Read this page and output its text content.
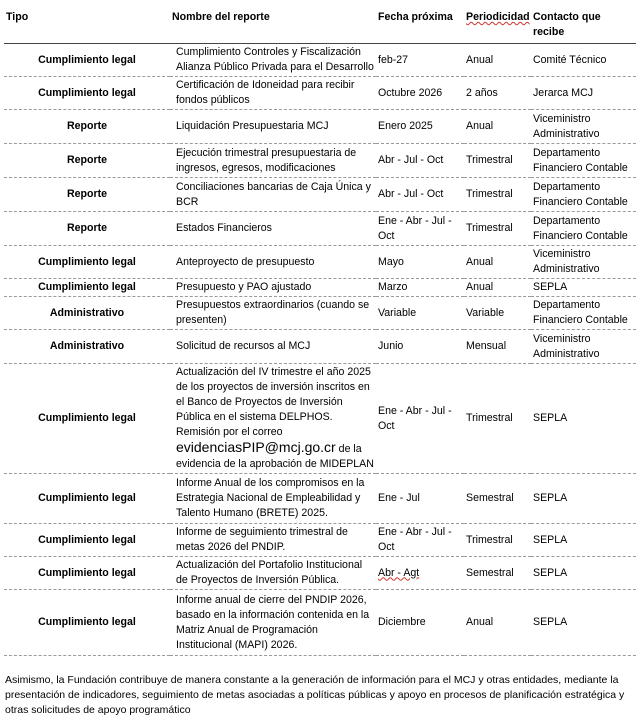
Tipo	Nombre del reporte	Fecha próxima	Periodicidad	Contacto que recibe
Cumplimiento legal	Cumplimiento Controles y Fiscalización Alianza Público Privada para el Desarrollo	feb-27	Anual	Comité Técnico
Cumplimiento legal	Certificación de Idoneidad para recibir fondos públicos	Octubre 2026	2 años	Jerarca MCJ
Reporte	Liquidación Presupuestaria MCJ	Enero 2025	Anual	Viceministro Administrativo
Reporte	Ejecución trimestral presupuestaria de ingresos, egresos, modificaciones	Abr - Jul - Oct	Trimestral	Departamento Financiero Contable
Reporte	Conciliaciones bancarias de Caja Única y BCR	Abr - Jul - Oct	Trimestral	Departamento Financiero Contable
Reporte	Estados Financieros	Ene - Abr - Jul - Oct	Trimestral	Departamento Financiero Contable
Cumplimiento legal	Anteproyecto de presupuesto	Mayo	Anual	Viceministro Administrativo
Cumplimiento legal	Presupuesto y PAO ajustado	Marzo	Anual	SEPLA
Administrativo	Presupuestos extraordinarios (cuando se presenten)	Variable	Variable	Departamento Financiero Contable
Administrativo	Solicitud de recursos al MCJ	Junio	Mensual	Viceministro Administrativo
Cumplimiento legal	Actualización del IV trimestre el año 2025 de los proyectos de inversión inscritos en el Banco de Proyectos de Inversión Pública en el sistema DELPHOS. Remisión por el correo evidenciasPIP@mcj.go.cr de la evidencia de la aprobación de MIDEPLAN	Ene - Abr - Jul - Oct	Trimestral	SEPLA
Cumplimiento legal	Informe Anual de los compromisos en la Estrategia Nacional de Empleabilidad y Talento Humano (BRETE) 2025.	Ene - Jul	Semestral	SEPLA
Cumplimiento legal	Informe de seguimiento trimestral de metas 2026 del PNDIP.	Ene - Abr - Jul - Oct	Trimestral	SEPLA
Cumplimiento legal	Actualización del Portafolio Institucional de Proyectos de Inversión Pública.	Abr - Agt	Semestral	SEPLA
Cumplimiento legal	Informe anual de cierre del PNDIP 2026, basado en la información contenida en la Matriz Anual de Programación Institucional (MAPI) 2026.	Diciembre	Anual	SEPLA

Asimismo, la Fundación contribuye de manera constante a la generación de información para el MCJ y otras entidades, mediante la presentación de indicadores, seguimiento de metas asociadas a políticas públicas y apoyo en procesos de planificación estratégica y otras solicitudes de apoyo programático
